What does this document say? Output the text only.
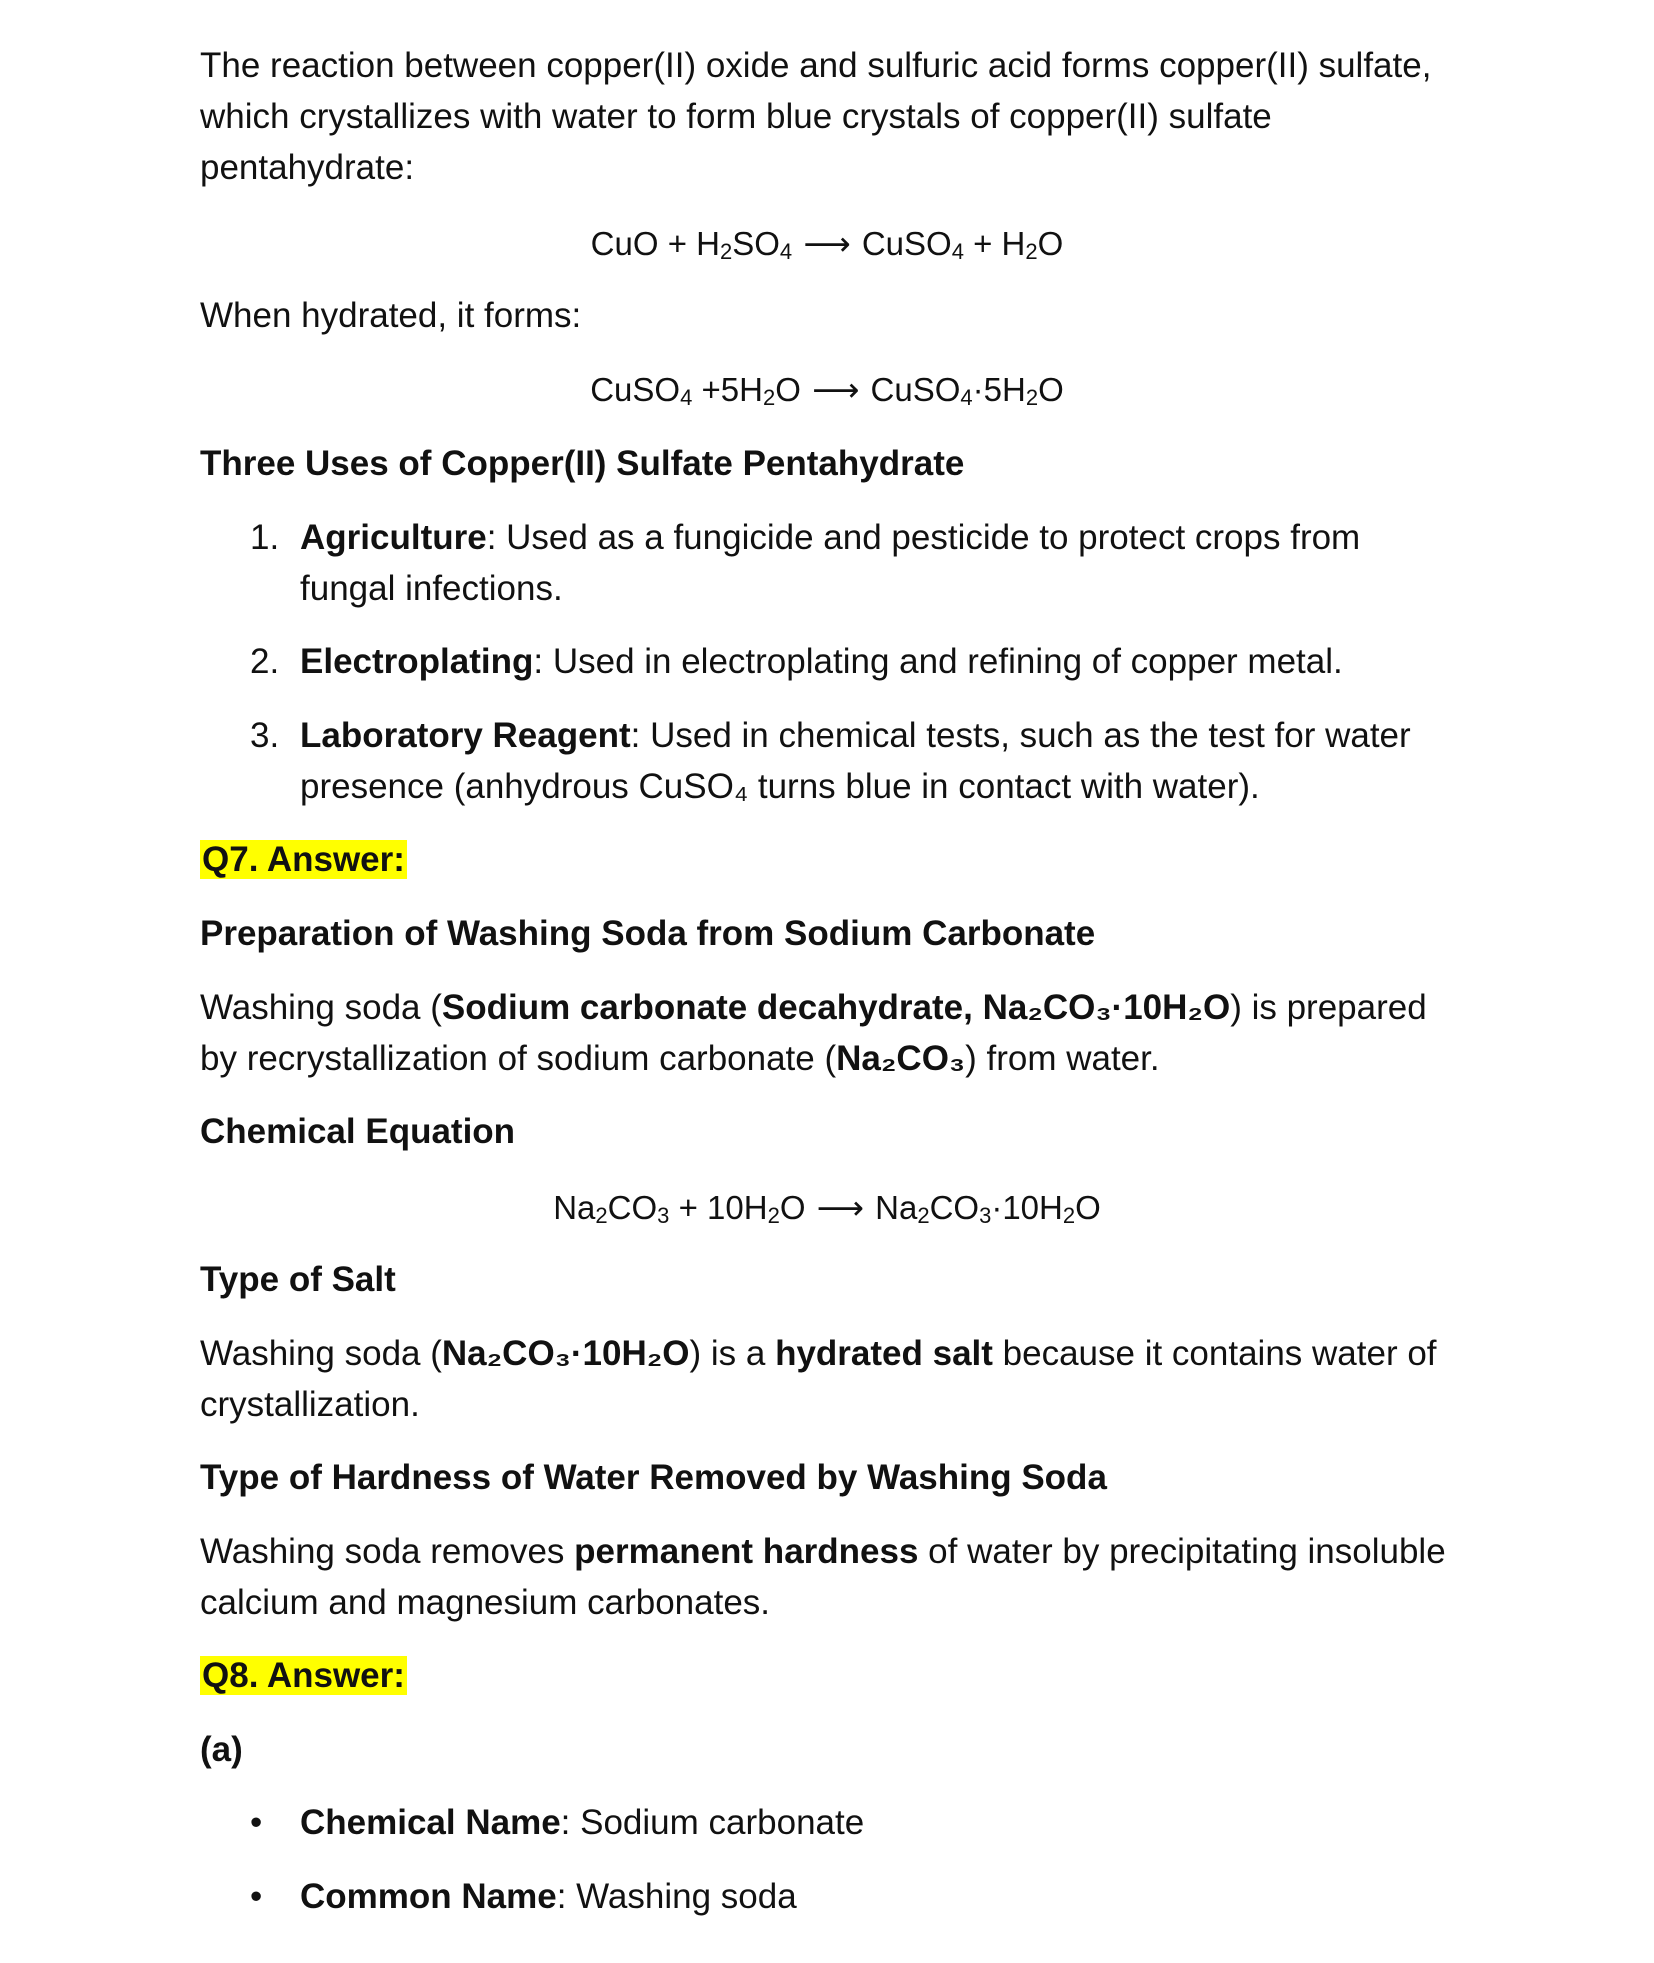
The reaction between copper(II) oxide and sulfuric acid forms copper(II) sulfate, which crystallizes with water to form blue crystals of copper(II) sulfate pentahydrate:

CuO + $H_2SO_4$ ⟶ CuSO$_4$ + $H_2O$

When hydrated, it forms:

CuSO$_4$ $+5H_2O$ ⟶ $CuSO_4\cdot 5H_2O$

Three Uses of Copper(II) Sulfate Pentahydrate

1. Agriculture: Used as a fungicide and pesticide to protect crops from fungal infections.
2. Electroplating: Used in electroplating and refining of copper metal.
3. Laboratory Reagent: Used in chemical tests, such as the test for water presence (anhydrous CuSO₄ turns blue in contact with water).

Q7. Answer:

Preparation of Washing Soda from Sodium Carbonate

Washing soda (Sodium carbonate decahydrate, Na₂CO₃·10H₂O) is prepared by recrystallization of sodium carbonate (Na₂CO₃) from water.

Chemical Equation

$Na_2CO_3 + 10H_2O$ ⟶ $Na_2CO_3\cdot 10H_2O$

Type of Salt

Washing soda (Na₂CO₃·10H₂O) is a hydrated salt because it contains water of crystallization.

Type of Hardness of Water Removed by Washing Soda

Washing soda removes permanent hardness of water by precipitating insoluble calcium and magnesium carbonates.

Q8. Answer:

(a)

• Chemical Name: Sodium carbonate
• Common Name: Washing soda
